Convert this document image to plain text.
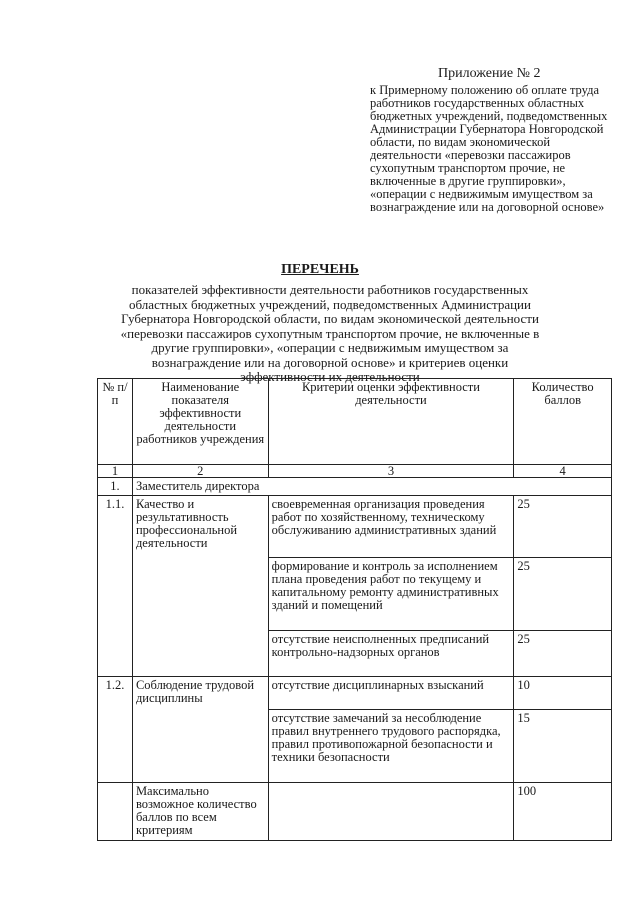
Приложение № 2
к Примерному положению об оплате труда работников государственных областных бюджетных учреждений, подведомственных Администрации Губернатора Новгородской области, по видам экономической деятельности «перевозки пассажиров сухопутным транспортом прочие, не включенные в другие группировки», «операции с недвижимым имуществом за вознаграждение или на договорной основе»
ПЕРЕЧЕНЬ
показателей эффективности деятельности работников государственных областных бюджетных учреждений, подведомственных Администрации Губернатора Новгородской области, по видам экономической деятельности «перевозки пассажиров сухопутным транспортом прочие, не включенные в другие группировки», «операции с недвижимым имуществом за вознаграждение или на договорной основе» и критериев оценки эффективности их деятельности
№ п/п	Наименование показателя эффективности деятельности работников учреждения	Критерии оценки эффективности деятельности	Количество баллов
1	2	3	4
1.	Заместитель директора		
1.1.	Качество и результативность профессиональной деятельности	своевременная организация проведения работ по хозяйственному, техническому обслуживанию административных зданий	25
		формирование и контроль за исполнением плана проведения работ по текущему и капитальному ремонту административных зданий и помещений	25
		отсутствие неисполненных предписаний контрольно-надзорных органов	25
1.2.	Соблюдение трудовой дисциплины	отсутствие дисциплинарных взысканий	10
		отсутствие замечаний за несоблюдение правил внутреннего трудового распорядка, правил противопожарной безопасности и техники безопасности	15
	Максимально возможное количество баллов по всем критериям		100
